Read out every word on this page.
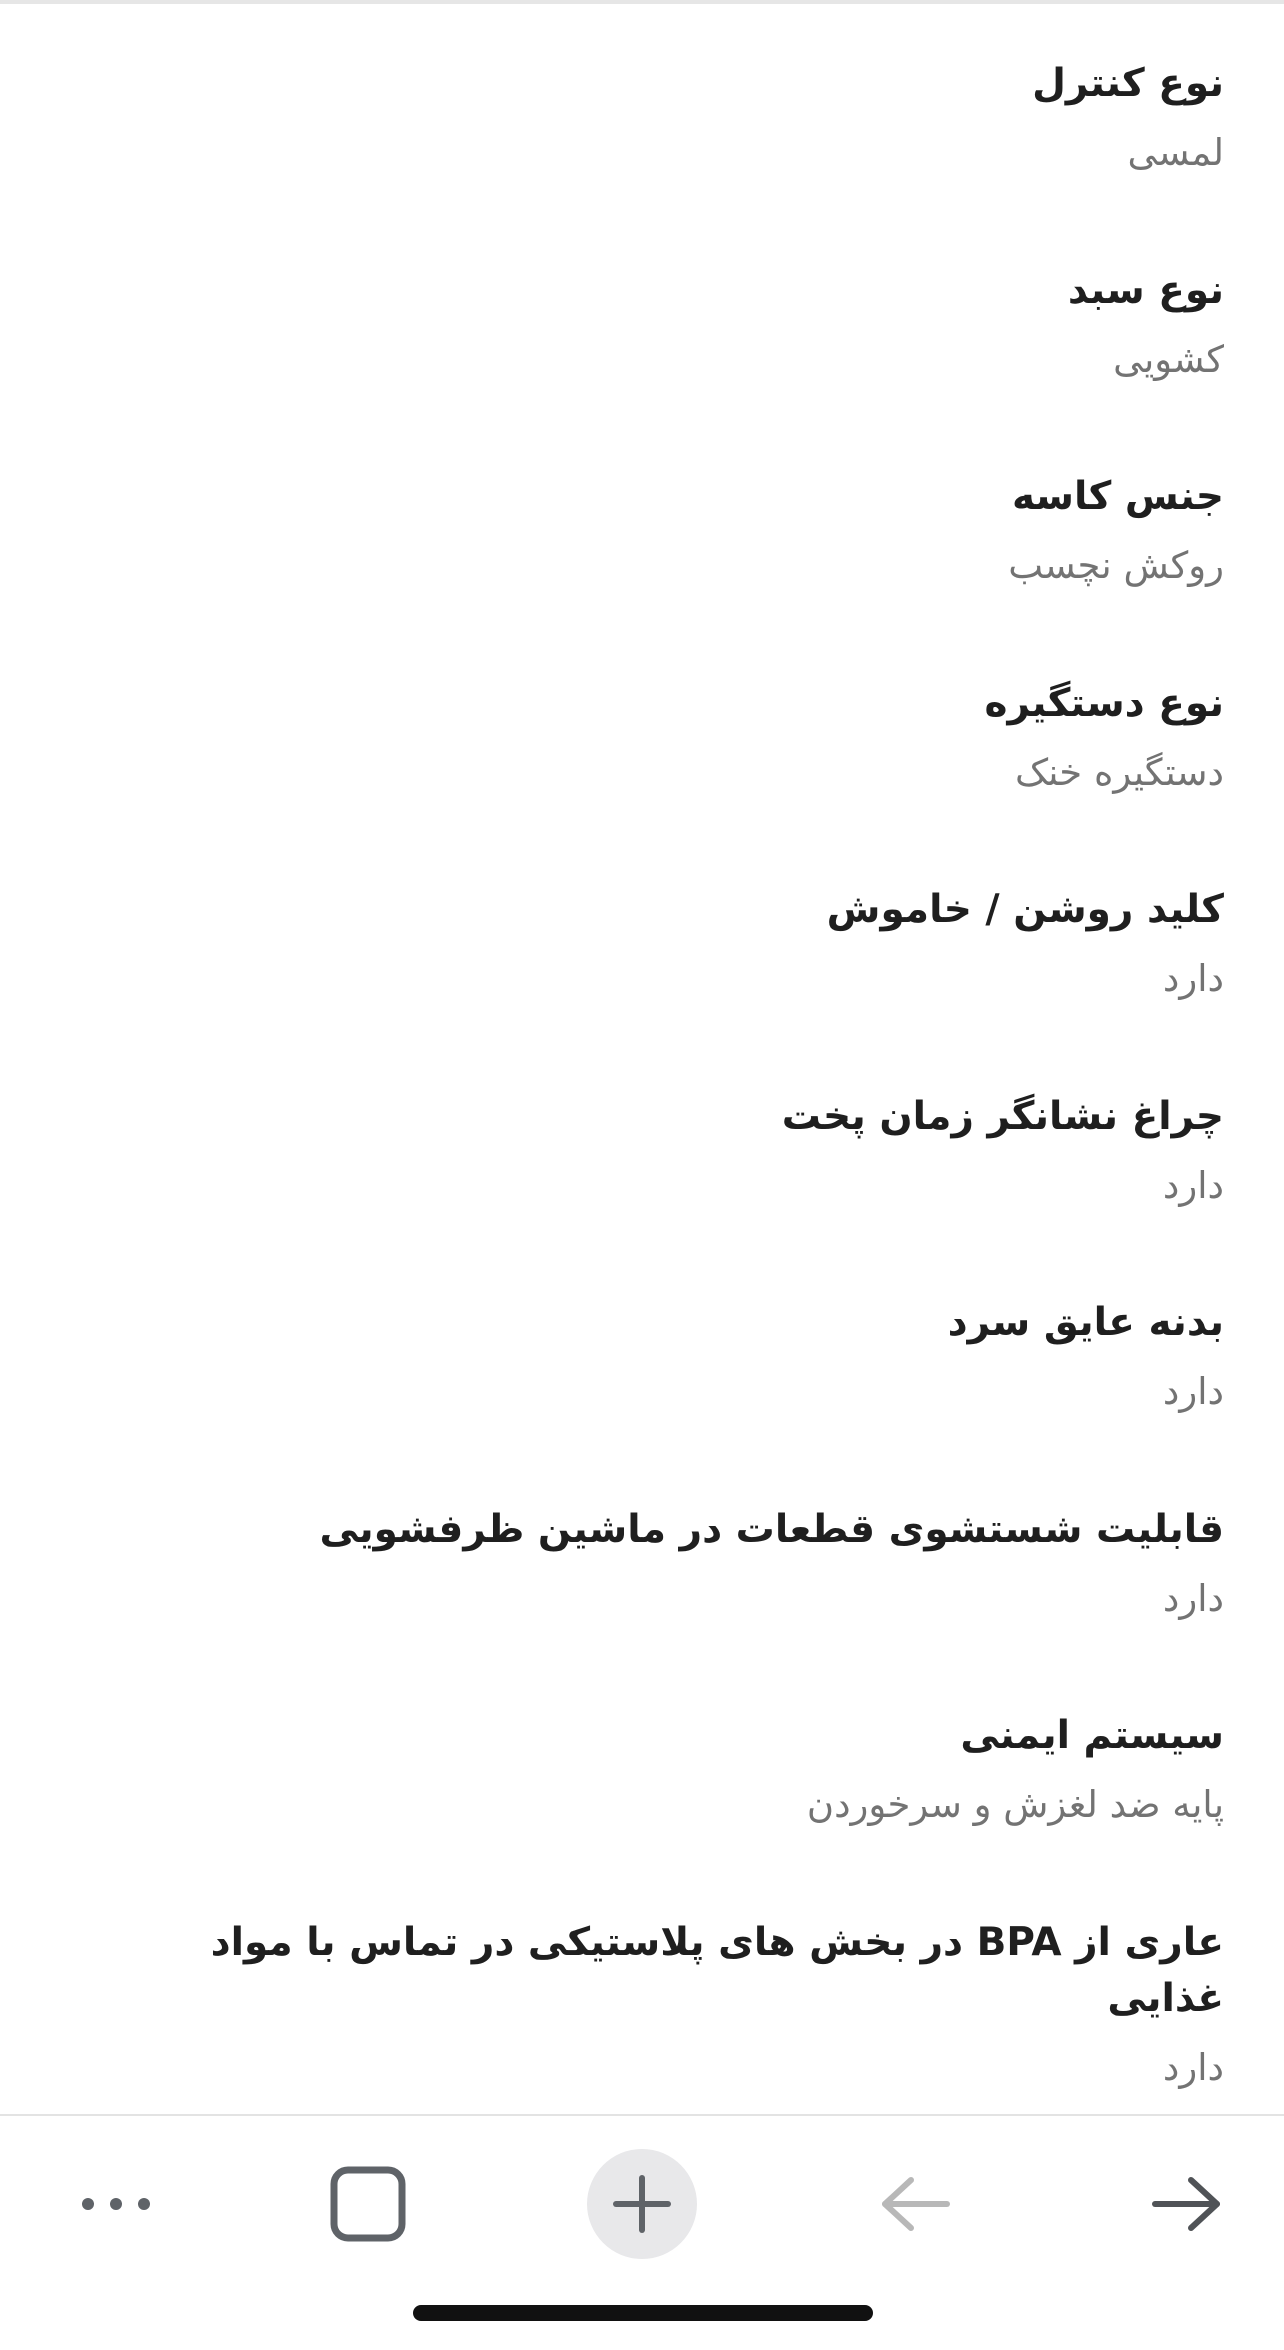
نوع کنترل
لمسی
نوع سبد
کشویی
جنس کاسه
روکش نچسب
نوع دستگیره
دستگیره خنک
کلید روشن / خاموش
دارد
چراغ نشانگر زمان پخت
دارد
بدنه عایق سرد
دارد
قابلیت شستشوی قطعات در ماشین ظرفشویی
دارد
سیستم ایمنی
پایه ضد لغزش و سرخوردن
عاری از BPA در بخش های پلاستیکی در تماس با مواد غذایی
دارد
